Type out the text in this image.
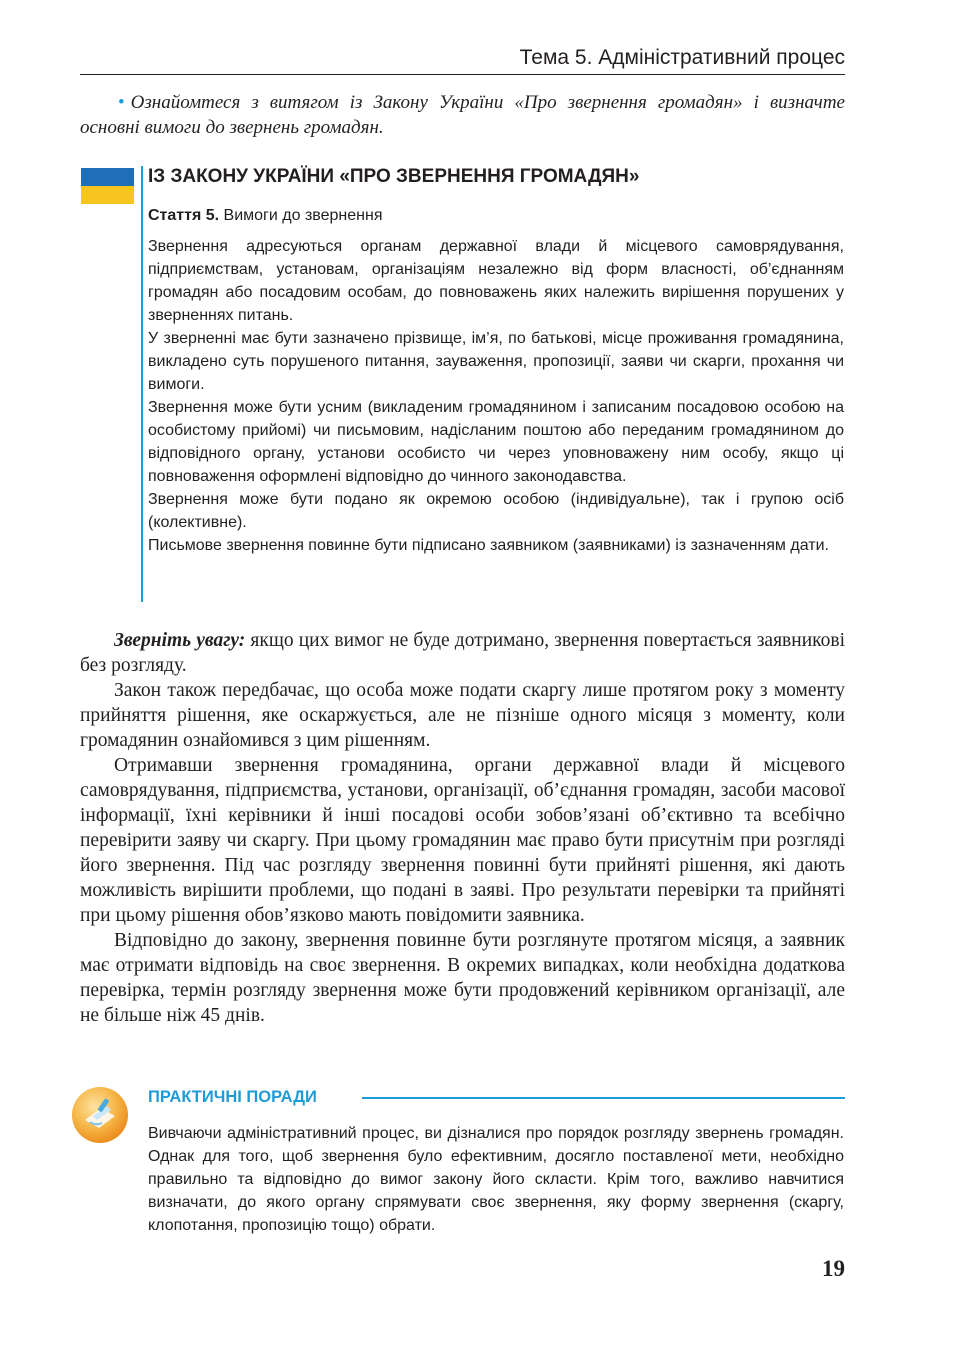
Тема 5. Адміністративний процес
• Ознайомтеся з витягом із Закону України «Про звернення громадян» і визначте основні вимоги до звернень громадян.
ІЗ ЗАКОНУ УКРАЇНИ «ПРО ЗВЕРНЕННЯ ГРОМАДЯН»
Стаття 5. Вимоги до звернення

Звернення адресуються органам державної влади й місцевого самоврядування, підприємствам, установам, організаціям незалежно від форм власності, об’єднанням громадян або посадовим особам, до повноважень яких належить вирішення порушених у зверненнях питань.

У зверненні має бути зазначено прізвище, ім’я, по батькові, місце проживання громадянина, викладено суть порушеного питання, зауваження, пропозиції, заяви чи скарги, прохання чи вимоги.

Звернення може бути усним (викладеним громадянином і записаним посадовою особою на особистому прийомі) чи письмовим, надісланим поштою або переданим громадянином до відповідного органу, установи особисто чи через уповноважену ним особу, якщо ці повноваження оформлені відповідно до чинного законодавства.

Звернення може бути подано як окремою особою (індивідуальне), так і групою осіб (колективне).

Письмове звернення повинне бути підписано заявником (заявниками) із зазначенням дати.

Зверніть увагу: якщо цих вимог не буде дотримано, звернення повертається заявникові без розгляду.

Закон також передбачає, що особа може подати скаргу лише протягом року з моменту прийняття рішення, яке оскаржується, але не пізніше одного місяця з моменту, коли громадянин ознайомився з цим рішенням.

Отримавши звернення громадянина, органи державної влади й місцевого самоврядування, підприємства, установи, організації, об’єднання громадян, засоби масової інформації, їхні керівники й інші посадові особи зобов’язані об’єктивно та всебічно перевірити заяву чи скаргу. При цьому громадянин має право бути присутнім при розгляді його звернення. Під час розгляду звернення повинні бути прийняті рішення, які дають можливість вирішити проблеми, що подані в заяві. Про результати перевірки та прийняті при цьому рішення обов’язково мають повідомити заявника.

Відповідно до закону, звернення повинне бути розглянуте протягом місяця, а заявник має отримати відповідь на своє звернення. В окремих випадках, коли необхідна додаткова перевірка, термін розгляду звернення може бути продовжений керівником організації, але не більше ніж 45 днів.

ПРАКТИЧНІ ПОРАДИ
Вивчаючи адміністративний процес, ви дізналися про порядок розгляду звернень громадян. Однак для того, щоб звернення було ефективним, досягло поставленої мети, необхідно правильно та відповідно до вимог закону його скласти. Крім того, важливо навчитися визначати, до якого органу спрямувати своє звернення, яку форму звернення (скаргу, клопотання, пропозицію тощо) обрати.
19
